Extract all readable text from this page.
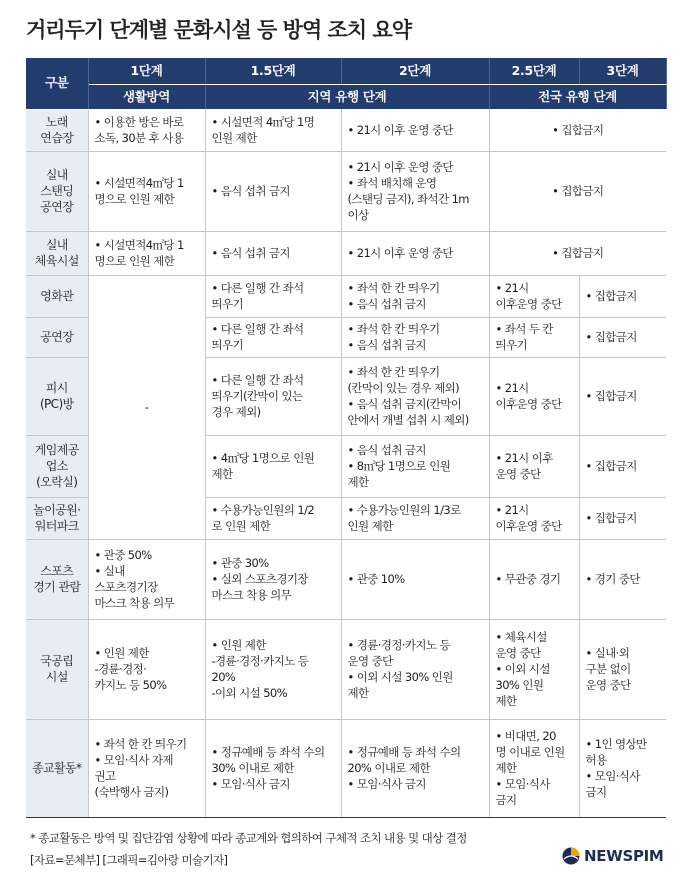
거리두기 단계별 문화시설 등 방역 조치 요약
구분	1단계	1.5단계	2단계	2.5단계	3단계
	생활방역	지역 유행 단계		전국 유행 단계	

노래
연습장	• 이용한 방은 바로
소독, 30분 후 사용	• 시설면적 4㎡당 1명
인원 제한	• 21시 이후 운영 중단	• 집합금지	

실내
스탠딩
공연장	• 시설면적4㎡당 1
명으로 인원 제한	• 음식 섭취 금지	• 21시 이후 운영 중단
• 좌석 배치해 운영
(스탠딩 금지), 좌석간 1m
이상	• 집합금지	

실내
체육시설	• 시설면적4㎡당 1
명으로 인원 제한	• 음식 섭취 금지	• 21시 이후 운영 중단	• 집합금지	

영화관	-	• 다른 일행 간 좌석
띄우기	• 좌석 한 칸 띄우기
• 음식 섭취 금지	• 21시
이후운영 중단	• 집합금지

공연장		• 다른 일행 간 좌석
띄우기	• 좌석 한 칸 띄우기
• 음식 섭취 금지	• 좌석 두 칸
띄우기	• 집합금지

피시
(PC)방		• 다른 일행 간 좌석
띄우기(칸막이 있는
경우 제외)	• 좌석 한 칸 띄우기
(칸막이 있는 경우 제외)
• 음식 섭취 금지(칸막이
안에서 개별 섭취 시 제외)	• 21시
이후운영 중단	• 집합금지

게임제공
업소
(오락실)		• 4㎡당 1명으로 인원
제한	• 음식 섭취 금지
• 8㎡당 1명으로 인원
제한	• 21시 이후
운영 중단	• 집합금지

놀이공원·
워터파크		• 수용가능인원의 1/2
로 인원 제한	• 수용가능인원의 1/3로
인원 제한	• 21시
이후운영 중단	• 집합금지

스포츠
경기 관람	• 관중 50%
• 실내
스포츠경기장
마스크 착용 의무	• 관중 30%
• 실외 스포츠경기장
마스크 착용 의무	• 관중 10%	• 무관중 경기	• 경기 중단

국공립
시설	• 인원 제한
-경륜·경정·
카지노 등 50%	• 인원 제한
-경륜·경정·카지노 등
20%
-이외 시설 50%	• 경륜·경정·카지노 등
운영 중단
• 이외 시설 30% 인원
제한	• 체육시설
운영 중단
• 이외 시설
30% 인원
제한	• 실내·외
구분 없이
운영 중단

종교활동*	• 좌석 한 칸 띄우기
• 모임·식사 자제
권고
(숙박행사 금지)	• 정규예배 등 좌석 수의
30% 이내로 제한
• 모임·식사 금지	• 정규예배 등 좌석 수의
20% 이내로 제한
• 모임·식사 금지	• 비대면, 20
명 이내로 인원
제한
• 모임·식사
금지	• 1인 영상만
허용
• 모임·식사
금지
* 종교활동은 방역 및 집단감염 상황에 따라 종교계와 협의하여 구체적 조치 내용 및 대상 결정
[자료=문체부] [그래픽=김아랑 미술기자]	NEWSPIM
